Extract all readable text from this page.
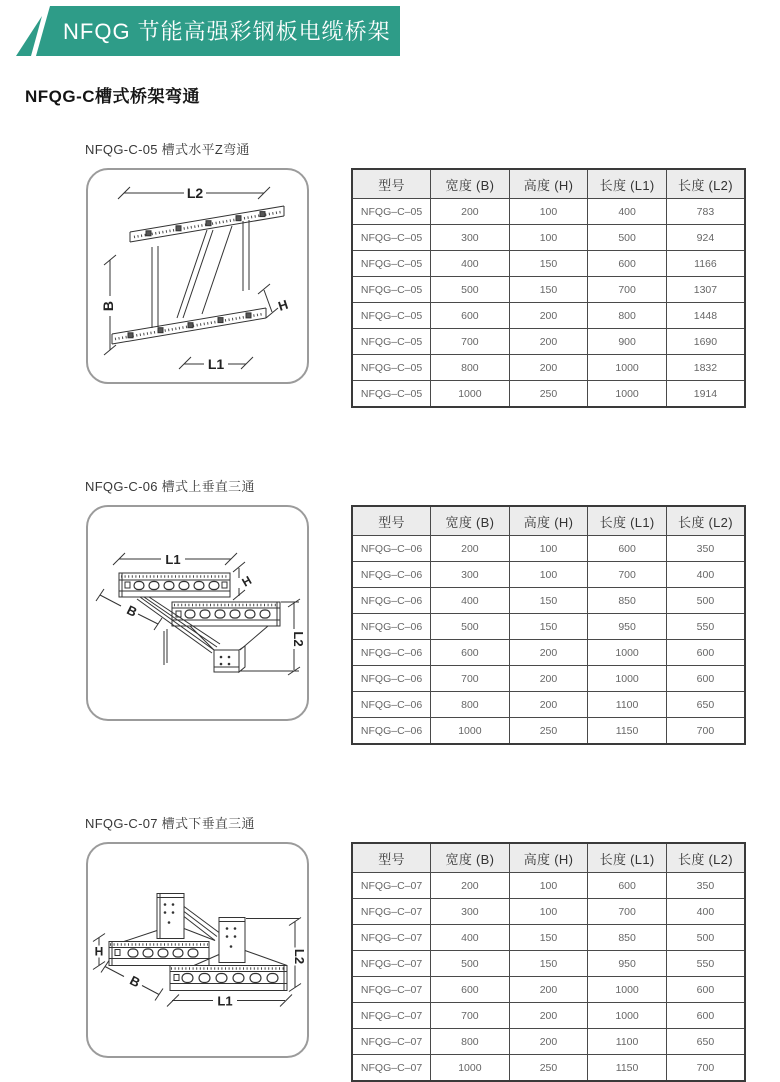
NFQG 节能高强彩钢板电缆桥架
NFQG-C槽式桥架弯通
NFQG-C-05 槽式水平Z弯通
L2
B	H
L1
型号	宽度 (B)	高度 (H)	长度 (L1)	长度 (L2)
NFQG–C–05	200	100	400	783
NFQG–C–05	300	100	500	924
NFQG–C–05	400	150	600	1166
NFQG–C–05	500	150	700	1307
NFQG–C–05	600	200	800	1448
NFQG–C–05	700	200	900	1690
NFQG–C–05	800	200	1000	1832
NFQG–C–05	1000	250	1000	1914
NFQG-C-06 槽式上垂直三通
L1
H
B
L2
型号	宽度 (B)	高度 (H)	长度 (L1)	长度 (L2)
NFQG–C–06	200	100	600	350
NFQG–C–06	300	100	700	400
NFQG–C–06	400	150	850	500
NFQG–C–06	500	150	950	550
NFQG–C–06	600	200	1000	600
NFQG–C–06	700	200	1000	600
NFQG–C–06	800	200	1100	650
NFQG–C–06	1000	250	1150	700
NFQG-C-07 槽式下垂直三通
H
B
L1
L2
型号	宽度 (B)	高度 (H)	长度 (L1)	长度 (L2)
NFQG–C–07	200	100	600	350
NFQG–C–07	300	100	700	400
NFQG–C–07	400	150	850	500
NFQG–C–07	500	150	950	550
NFQG–C–07	600	200	1000	600
NFQG–C–07	700	200	1000	600
NFQG–C–07	800	200	1100	650
NFQG–C–07	1000	250	1150	700
